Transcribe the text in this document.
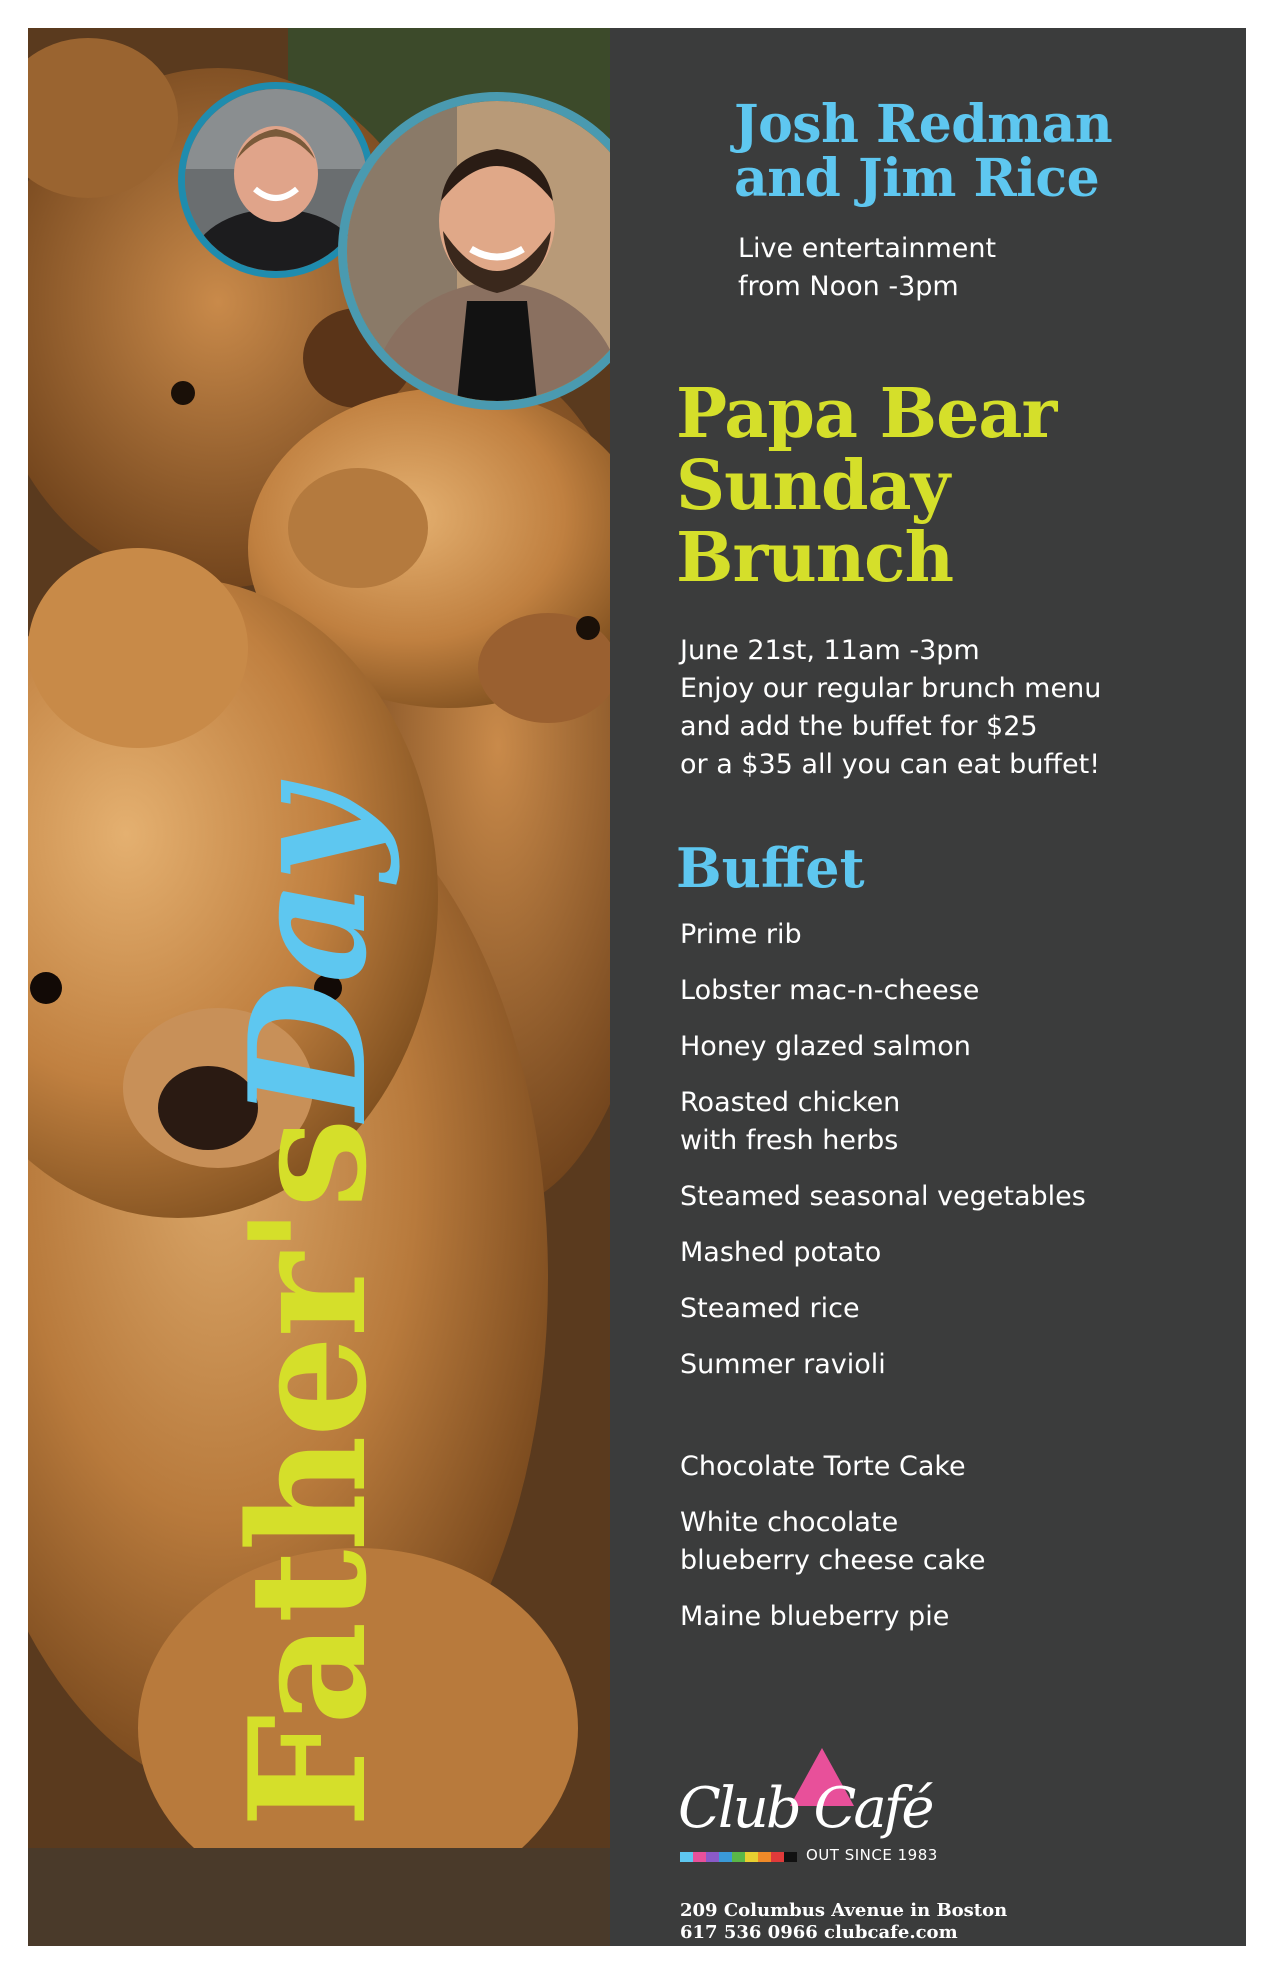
Father'sDay
Josh Redman
and Jim Rice
Live entertainment
from Noon -3pm
Papa Bear
Sunday
Brunch
June 21st, 11am -3pm
Enjoy our regular brunch menu
and add the buffet for $25
or a $35 all you can eat buffet!
Buffet
Prime rib
Lobster mac-n-cheese
Honey glazed salmon
Roasted chicken
with fresh herbs
Steamed seasonal vegetables
Mashed potato
Steamed rice
Summer ravioli
Chocolate Torte Cake
White chocolate
blueberry cheese cake
Maine blueberry pie
Club Café
OUT SINCE 1983
209 Columbus Avenue in Boston
617 536 0966 clubcafe.com
